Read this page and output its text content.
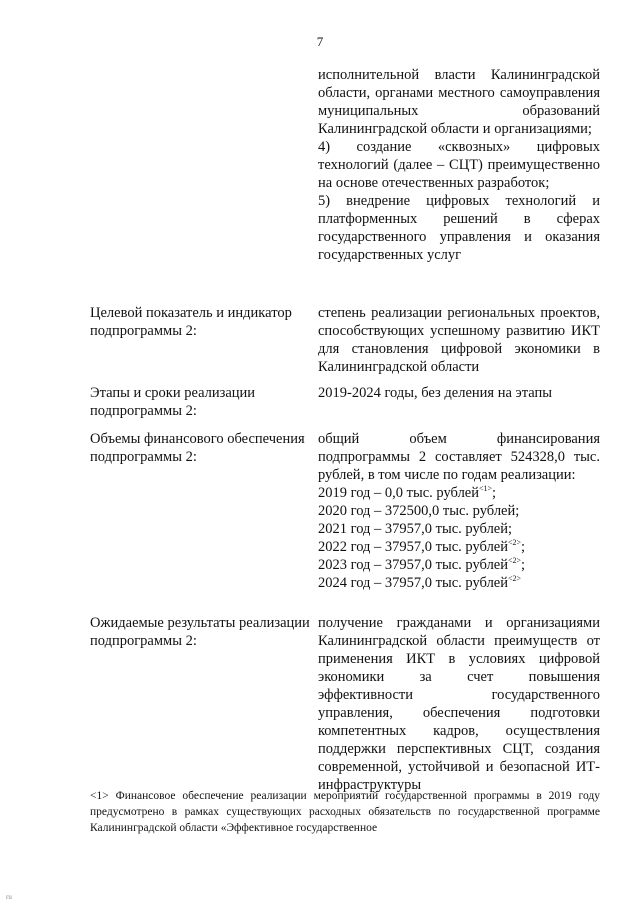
7

исполнительной власти Калининградской области, органами местного самоуправления муниципальных образований Калининградской области и организациями;

4) создание «сквозных» цифровых технологий (далее – СЦТ) преимущественно на основе отечественных разработок;

5) внедрение цифровых технологий и платформенных решений в сферах государственного управления и оказания государственных услуг

Целевой показатель и индикатор подпрограммы 2:
степень реализации региональных проектов, способствующих успешному развитию ИКТ для становления цифровой экономики в Калининградской области
Этапы и сроки реализации подпрограммы 2:
2019-2024 годы, без деления на этапы
Объемы финансового обеспечения подпрограммы 2:

общий объем финансирования подпрограммы 2 составляет 524328,0 тыс. рублей, в том числе по годам реализации:

2019 год – 0,0 тыс. рублей$^{<1>}$;

2020 год – 372500,0 тыс. рублей;

2021 год – 37957,0 тыс. рублей;

2022 год – 37957,0 тыс. рублей$^{<2>}$;

2023 год – 37957,0 тыс. рублей$^{<2>}$;

2024 год – 37957,0 тыс. рублей$^{<2>}$

Ожидаемые результаты реализации подпрограммы 2:
получение гражданами и организациями Калининградской области преимуществ от применения ИКТ в условиях цифровой экономики за счет повышения эффективности государственного управления, обеспечения подготовки компетентных кадров, осуществления поддержки перспективных СЦТ, создания современной, устойчивой и безопасной ИТ-инфраструктуры
<1> Финансовое обеспечение реализации мероприятий государственной программы в 2019 году предусмотрено в рамках существующих расходных обязательств по государственной программе Калининградской области «Эффективное государственное
ru
